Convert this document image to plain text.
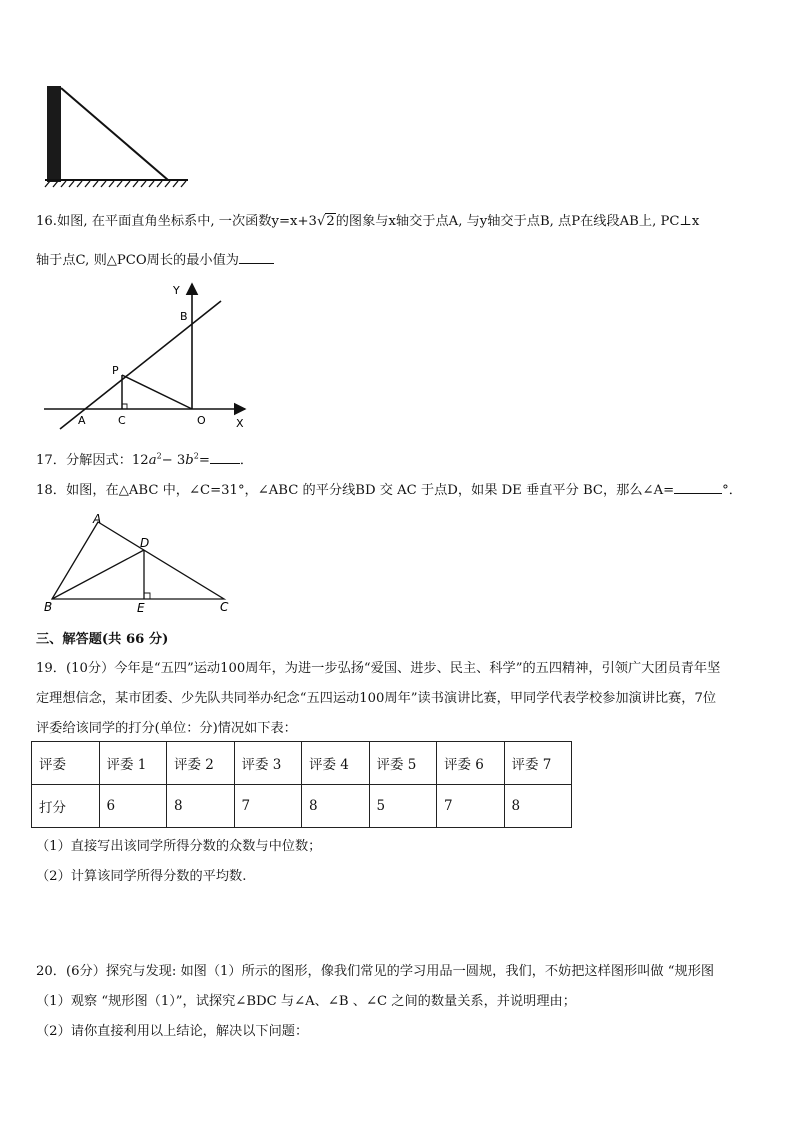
16.如图, 在平面直角坐标系中, 一次函数y=x+3√2的图象与x轴交于点A, 与y轴交于点B, 点P在线段AB上, PC⊥x
轴于点C, 则△PCO周长的最小值为
Y
X
B
P
A	C	O
17．分解因式：$12a^2- 3b^2=$ ．
18．如图，在△ABC 中，∠C=31°，∠ABC 的平分线BD 交 AC 于点D，如果 DE 垂直平分 BC，那么∠A=	°．
A
D
B	E	C
三、解答题(共 66 分)
19．(10分）今年是“五四”运动100周年，为进一步弘扬“爱国、进步、民主、科学”的五四精神，引领广大团员青年坚
定理想信念，某市团委、少先队共同举办纪念“五四运动100周年”读书演讲比赛，甲同学代表学校参加演讲比赛，7位
评委给该同学的打分(单位：分)情况如下表：
评委	评委 1	评委 2	评委 3	评委 4	评委 5	评委 6	评委 7
打分	6	8	7	8	5	7	8
（1）直接写出该同学所得分数的众数与中位数；
（2）计算该同学所得分数的平均数.
20．(6分）探究与发现: 如图（1）所示的图形，像我们常见的学习用品一圆规，我们，不妨把这样图形叫做 “规形图
（1）观察 “规形图（1）”，试探究∠BDC 与∠A、∠B 、∠C 之间的数量关系，并说明理由；
（2）请你直接利用以上结论，解决以下问题：
